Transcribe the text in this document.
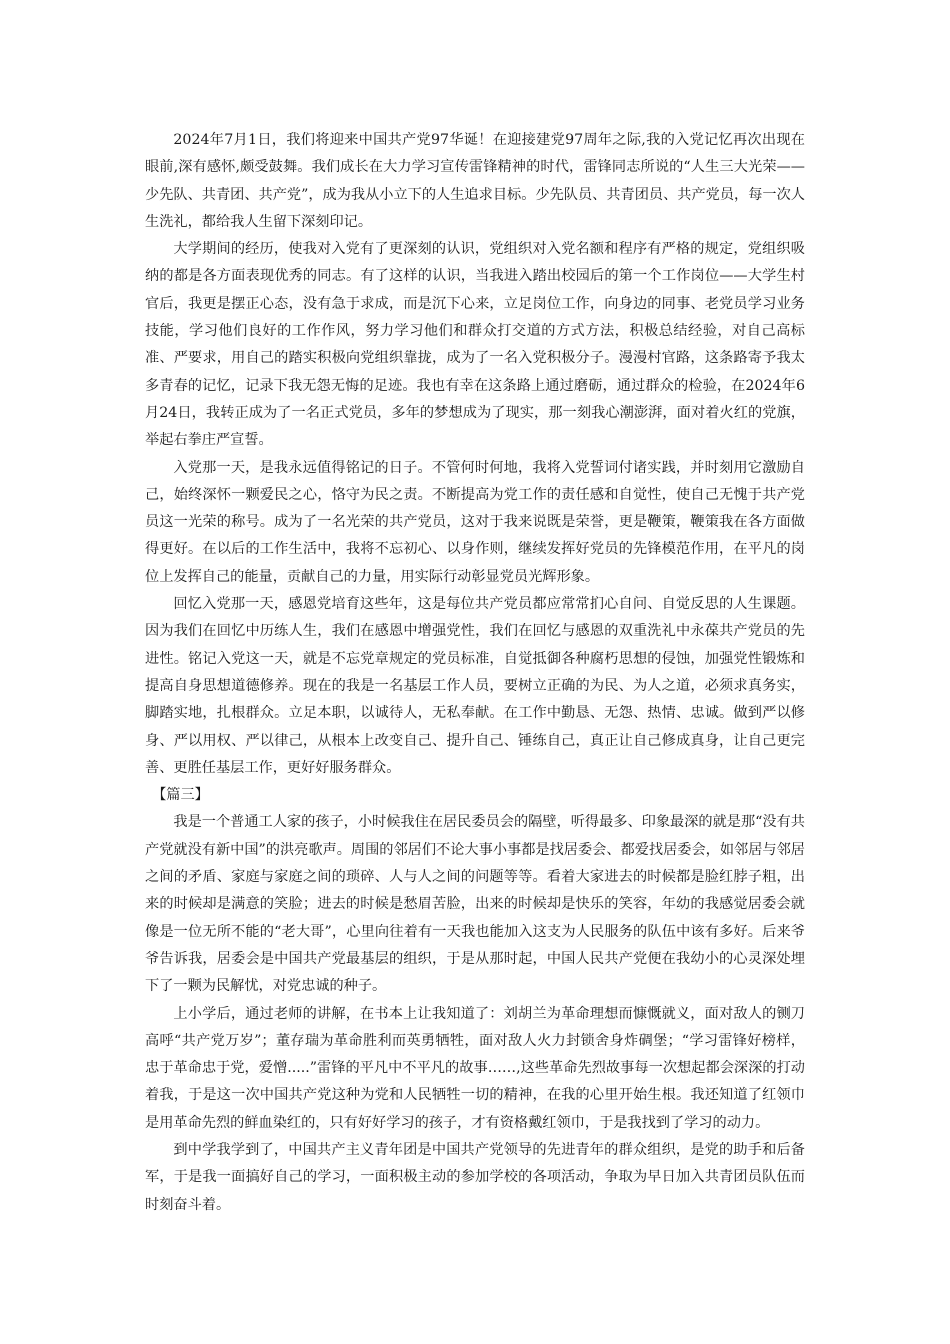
2024年7月1日，我们将迎来中国共产党97华诞！在迎接建党97周年之际,我的入党记忆再次出现在眼前,深有感怀,颇受鼓舞。我们成长在大力学习宣传雷锋精神的时代，雷锋同志所说的“人生三大光荣——少先队、共青团、共产党”，成为我从小立下的人生追求目标。少先队员、共青团员、共产党员，每一次人生洗礼，都给我人生留下深刻印记。

大学期间的经历，使我对入党有了更深刻的认识，党组织对入党名额和程序有严格的规定，党组织吸纳的都是各方面表现优秀的同志。有了这样的认识，当我进入踏出校园后的第一个工作岗位——大学生村官后，我更是摆正心态，没有急于求成，而是沉下心来，立足岗位工作，向身边的同事、老党员学习业务技能，学习他们良好的工作作风，努力学习他们和群众打交道的方式方法，积极总结经验，对自己高标准、严要求，用自己的踏实积极向党组织靠拢，成为了一名入党积极分子。漫漫村官路，这条路寄予我太多青春的记忆，记录下我无怨无悔的足迹。我也有幸在这条路上通过磨砺，通过群众的检验，在2024年6月24日，我转正成为了一名正式党员，多年的梦想成为了现实，那一刻我心潮澎湃，面对着火红的党旗，举起右拳庄严宣誓。

入党那一天，是我永远值得铭记的日子。不管何时何地，我将入党誓词付诸实践，并时刻用它激励自己，始终深怀一颗爱民之心，恪守为民之责。不断提高为党工作的责任感和自觉性，使自己无愧于共产党员这一光荣的称号。成为了一名光荣的共产党员，这对于我来说既是荣誉，更是鞭策，鞭策我在各方面做得更好。在以后的工作生活中，我将不忘初心、以身作则，继续发挥好党员的先锋模范作用，在平凡的岗位上发挥自己的能量，贡献自己的力量，用实际行动彰显党员光辉形象。

回忆入党那一天，感恩党培育这些年，这是每位共产党员都应常常扪心自问、自觉反思的人生课题。因为我们在回忆中历练人生，我们在感恩中增强党性，我们在回忆与感恩的双重洗礼中永葆共产党员的先进性。铭记入党这一天，就是不忘党章规定的党员标准，自觉抵御各种腐朽思想的侵蚀，加强党性锻炼和提高自身思想道德修养。现在的我是一名基层工作人员，要树立正确的为民、为人之道，必须求真务实，脚踏实地，扎根群众。立足本职，以诚待人，无私奉献。在工作中勤恳、无怨、热情、忠诚。做到严以修身、严以用权、严以律己，从根本上改变自己、提升自己、锤练自己，真正让自己修成真身，让自己更完善、更胜任基层工作，更好好服务群众。

【篇三】

我是一个普通工人家的孩子，小时候我住在居民委员会的隔壁，听得最多、印象最深的就是那“没有共产党就没有新中国”的洪亮歌声。周围的邻居们不论大事小事都是找居委会、都爱找居委会，如邻居与邻居之间的矛盾、家庭与家庭之间的琐碎、人与人之间的问题等等。看着大家进去的时候都是脸红脖子粗，出来的时候却是满意的笑脸；进去的时候是愁眉苦脸，出来的时候却是快乐的笑容，年幼的我感觉居委会就像是一位无所不能的“老大哥”，心里向往着有一天我也能加入这支为人民服务的队伍中该有多好。后来爷爷告诉我，居委会是中国共产党最基层的组织，于是从那时起，中国人民共产党便在我幼小的心灵深处埋下了一颗为民解忧，对党忠诚的种子。

上小学后，通过老师的讲解，在书本上让我知道了：刘胡兰为革命理想而慷慨就义，面对敌人的铡刀高呼“共产党万岁”；董存瑞为革命胜利而英勇牺牲，面对敌人火力封锁舍身炸碉堡；“学习雷锋好榜样，忠于革命忠于党，爱憎.....”雷锋的平凡中不平凡的故事……,这些革命先烈故事每一次想起都会深深的打动着我，于是这一次中国共产党这种为党和人民牺牲一切的精神，在我的心里开始生根。我还知道了红领巾是用革命先烈的鲜血染红的，只有好好学习的孩子，才有资格戴红领巾，于是我找到了学习的动力。

到中学我学到了，中国共产主义青年团是中国共产党领导的先进青年的群众组织，是党的助手和后备军，于是我一面搞好自己的学习，一面积极主动的参加学校的各项活动，争取为早日加入共青团员队伍而时刻奋斗着。
